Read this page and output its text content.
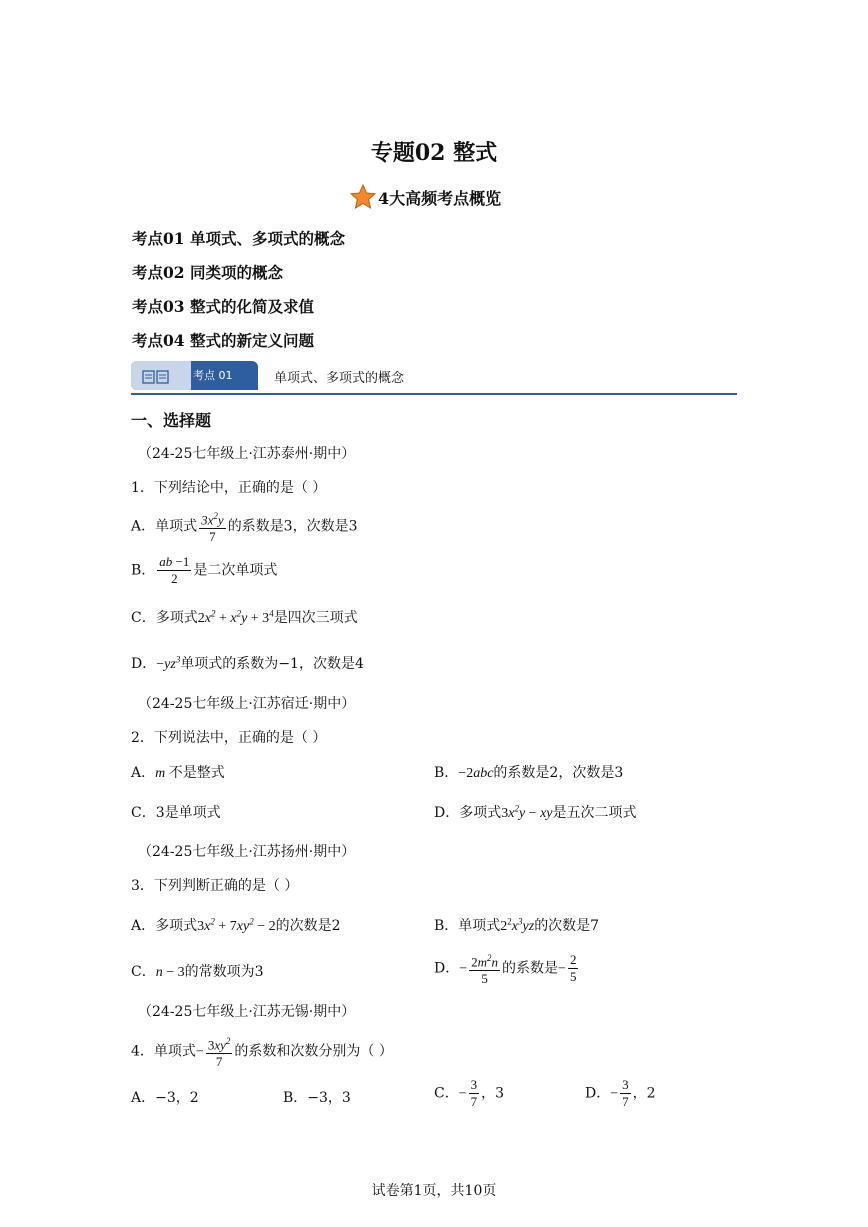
专题02 整式
4大高频考点概览
考点01 单项式、多项式的概念
考点02 同类项的概念
考点03 整式的化简及求值
考点04 整式的新定义问题
考点 01	单项式、多项式的概念
一、选择题
（24-25七年级上·江苏泰州·期中）
1．下列结论中，正确的是（ ）
A．单项式 $\frac{3x^2y}{7}$ 的系数是3，次数是3
B． $\frac{ab -1}{2}$ 是二次单项式
C．多项式$2x^2 + x^2y + 3^4$是四次三项式
D．$-yz^3$单项式的系数为−1，次数是4
（24-25七年级上·江苏宿迁·期中）
2．下列说法中，正确的是（ ）
A．m 不是整式	B．−2abc的系数是2，次数是3
C．3是单项式	D．多项式$3x^2y$ − xy是五次二项式
（24-25七年级上·江苏扬州·期中）
3．下列判断正确的是（ ）
A．多项式$3x^2 + 7xy^2 - 2$的次数是2	B．单项式$2^2x^3yz$的次数是7
C．n − 3的常数项为3	D．− $\frac{2m^2n}{5}$ 的系数是− $\frac{2}{5}$
（24-25七年级上·江苏无锡·期中）
4．单项式− $\frac{3xy^2}{7}$ 的系数和次数分别为（ ）
A．−3，2	B．−3，3	C．− $\frac{3}{7}$ ，3	D．− $\frac{3}{7}$ ，2
试卷第1页，共10页
